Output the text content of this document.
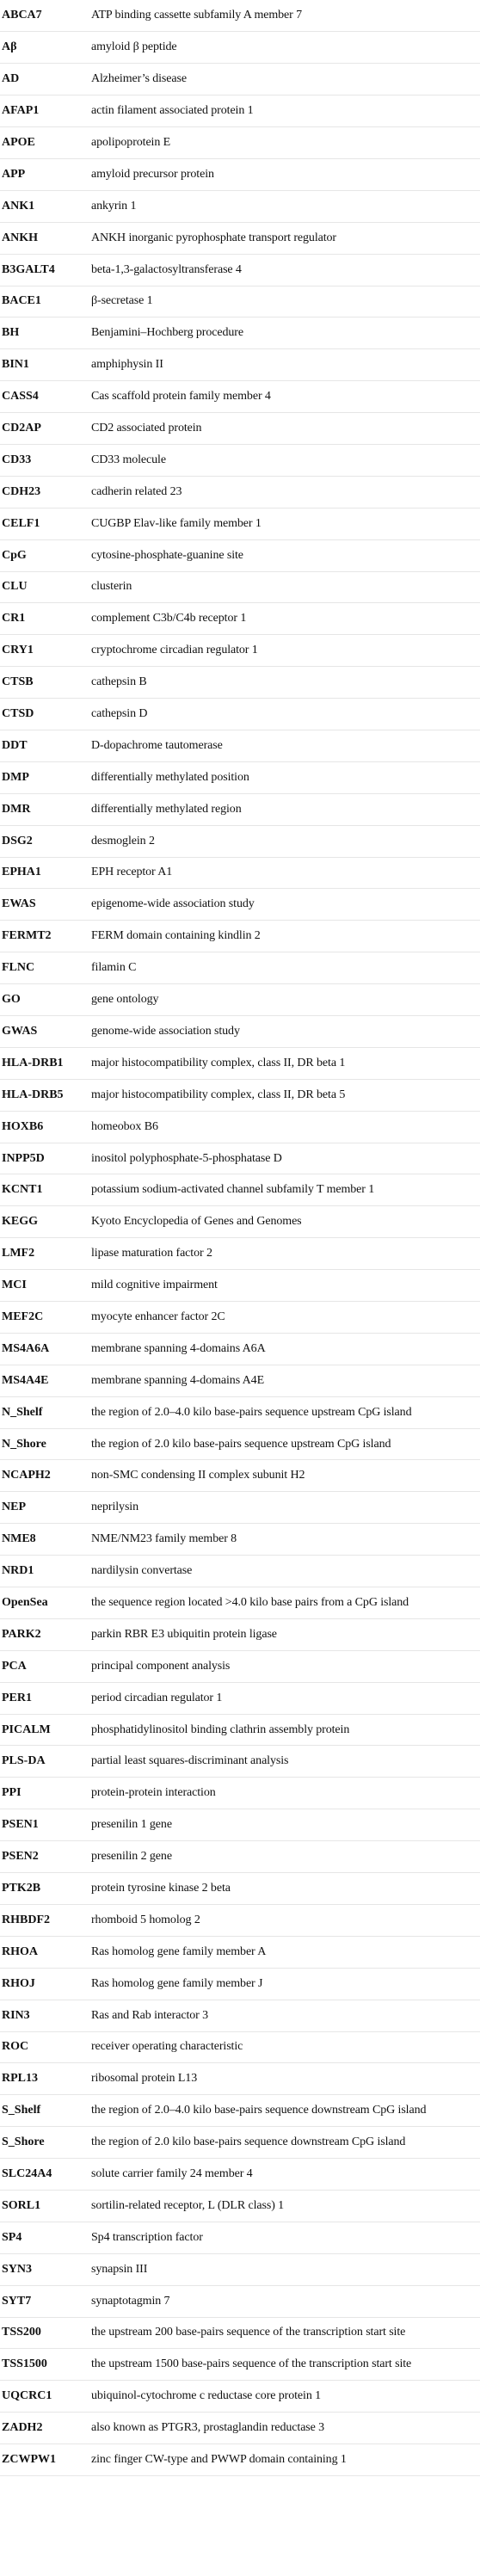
ABCA7	ATP binding cassette subfamily A member 7
Aβ	amyloid β peptide
AD	Alzheimer’s disease
AFAP1	actin filament associated protein 1
APOE	apolipoprotein E
APP	amyloid precursor protein
ANK1	ankyrin 1
ANKH	ANKH inorganic pyrophosphate transport regulator
B3GALT4	beta-1,3-galactosyltransferase 4
BACE1	β-secretase 1
BH	Benjamini–Hochberg procedure
BIN1	amphiphysin II
CASS4	Cas scaffold protein family member 4
CD2AP	CD2 associated protein
CD33	CD33 molecule
CDH23	cadherin related 23
CELF1	CUGBP Elav-like family member 1
CpG	cytosine-phosphate-guanine site
CLU	clusterin
CR1	complement C3b/C4b receptor 1
CRY1	cryptochrome circadian regulator 1
CTSB	cathepsin B
CTSD	cathepsin D
DDT	D-dopachrome tautomerase
DMP	differentially methylated position
DMR	differentially methylated region
DSG2	desmoglein 2
EPHA1	EPH receptor A1
EWAS	epigenome-wide association study
FERMT2	FERM domain containing kindlin 2
FLNC	filamin C
GO	gene ontology
GWAS	genome-wide association study
HLA-DRB1	major histocompatibility complex, class II, DR beta 1
HLA-DRB5	major histocompatibility complex, class II, DR beta 5
HOXB6	homeobox B6
INPP5D	inositol polyphosphate-5-phosphatase D
KCNT1	potassium sodium-activated channel subfamily T member 1
KEGG	Kyoto Encyclopedia of Genes and Genomes
LMF2	lipase maturation factor 2
MCI	mild cognitive impairment
MEF2C	myocyte enhancer factor 2C
MS4A6A	membrane spanning 4-domains A6A
MS4A4E	membrane spanning 4-domains A4E
N_Shelf	the region of 2.0–4.0 kilo base-pairs sequence upstream CpG island
N_Shore	the region of 2.0 kilo base-pairs sequence upstream CpG island
NCAPH2	non-SMC condensing II complex subunit H2
NEP	neprilysin
NME8	NME/NM23 family member 8
NRD1	nardilysin convertase
OpenSea	the sequence region located >4.0 kilo base pairs from a CpG island
PARK2	parkin RBR E3 ubiquitin protein ligase
PCA	principal component analysis
PER1	period circadian regulator 1
PICALM	phosphatidylinositol binding clathrin assembly protein
PLS-DA	partial least squares-discriminant analysis
PPI	protein-protein interaction
PSEN1	presenilin 1 gene
PSEN2	presenilin 2 gene
PTK2B	protein tyrosine kinase 2 beta
RHBDF2	rhomboid 5 homolog 2
RHOA	Ras homolog gene family member A
RHOJ	Ras homolog gene family member J
RIN3	Ras and Rab interactor 3
ROC	receiver operating characteristic
RPL13	ribosomal protein L13
S_Shelf	the region of 2.0–4.0 kilo base-pairs sequence downstream CpG island
S_Shore	the region of 2.0 kilo base-pairs sequence downstream CpG island
SLC24A4	solute carrier family 24 member 4
SORL1	sortilin-related receptor, L (DLR class) 1
SP4	Sp4 transcription factor
SYN3	synapsin III
SYT7	synaptotagmin 7
TSS200	the upstream 200 base-pairs sequence of the transcription start site
TSS1500	the upstream 1500 base-pairs sequence of the transcription start site
UQCRC1	ubiquinol-cytochrome c reductase core protein 1
ZADH2	also known as PTGR3, prostaglandin reductase 3
ZCWPW1	zinc finger CW-type and PWWP domain containing 1
